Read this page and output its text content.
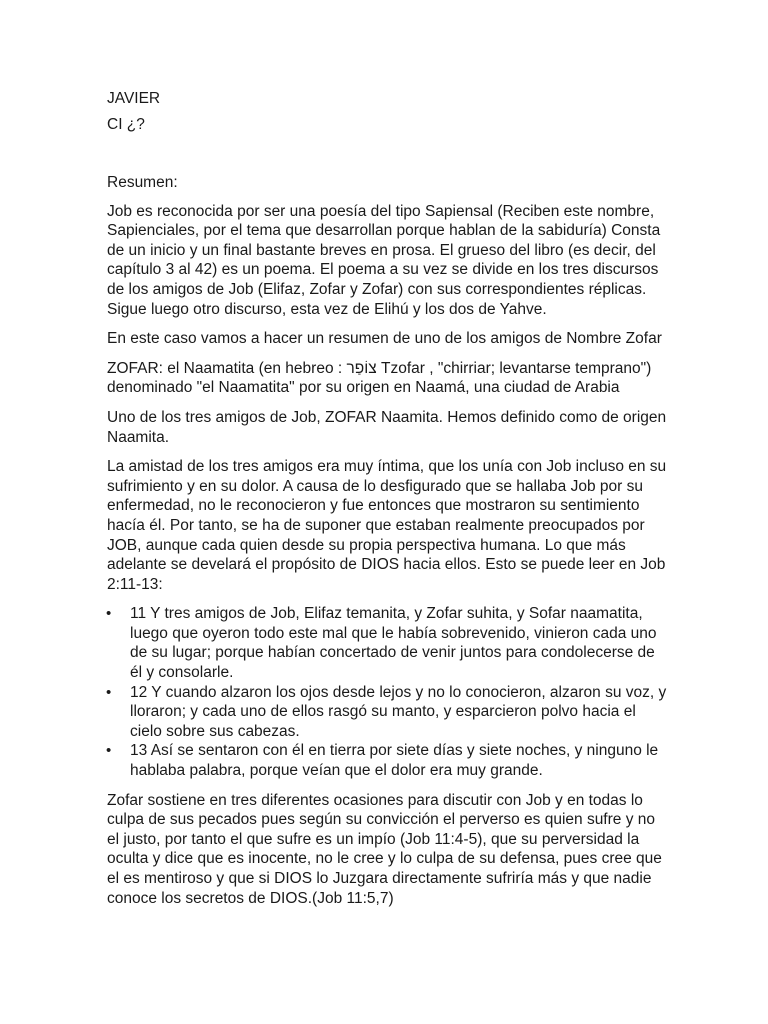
JAVIER

CI ¿?

Resumen:

Job es reconocida por ser una poesía del tipo Sapiensal (Reciben este nombre, Sapienciales, por el tema que desarrollan porque hablan de la sabiduría) Consta de un inicio y un final bastante breves en prosa. El grueso del libro (es decir, del capítulo 3 al 42) es un poema. El poema a su vez se divide en los tres discursos de los amigos de Job (Elifaz, Zofar y Zofar) con sus correspondientes réplicas. Sigue luego otro discurso, esta vez de Elihú y los dos de Yahve.

En este caso vamos a hacer un resumen de uno de los amigos de Nombre Zofar

ZOFAR: el Naamatita (en hebreo : צוֹפַר Tzofar , "chirriar; levantarse temprano") denominado "el Naamatita" por su origen en Naamá, una ciudad de Arabia

Uno de los tres amigos de Job, ZOFAR Naamita. Hemos definido como de origen Naamita.

La amistad de los tres amigos era muy íntima, que los unía con Job incluso en su sufrimiento y en su dolor. A causa de lo desfigurado que se hallaba Job por su enfermedad, no le reconocieron y fue entonces que mostraron su sentimiento hacía él. Por tanto, se ha de suponer que estaban realmente preocupados por JOB, aunque cada quien desde su propia perspectiva humana. Lo que más adelante se develará el propósito de DIOS hacia ellos. Esto se puede leer en Job 2:11-13:

• 11 Y tres amigos de Job, Elifaz temanita, y Zofar suhita, y Sofar naamatita, luego que oyeron todo este mal que le había sobrevenido, vinieron cada uno de su lugar; porque habían concertado de venir juntos para condolecerse de él y consolarle.
• 12 Y cuando alzaron los ojos desde lejos y no lo conocieron, alzaron su voz, y lloraron; y cada uno de ellos rasgó su manto, y esparcieron polvo hacia el cielo sobre sus cabezas.
• 13 Así se sentaron con él en tierra por siete días y siete noches, y ninguno le hablaba palabra, porque veían que el dolor era muy grande.

Zofar sostiene en tres diferentes ocasiones para discutir con Job y en todas lo culpa de sus pecados pues según su convicción el perverso es quien sufre y no el justo, por tanto el que sufre es un impío (Job 11:4-5), que su perversidad la oculta y dice que es inocente, no le cree y lo culpa de su defensa, pues cree que el es mentiroso y que si DIOS lo Juzgara directamente sufriría más y que nadie conoce los secretos de DIOS.(Job 11:5,7)
